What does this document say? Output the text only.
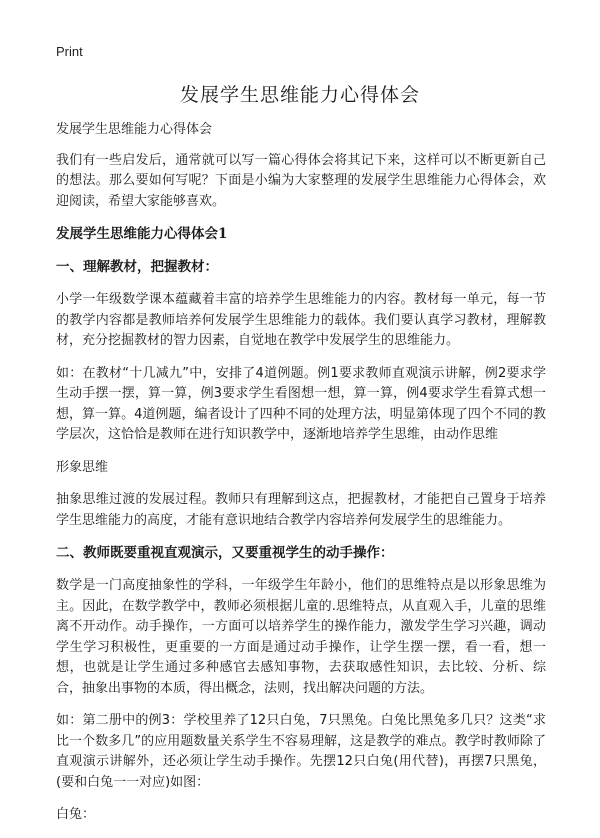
Print
发展学生思维能力心得体会

发展学生思维能力心得体会

我们有一些启发后，通常就可以写一篇心得体会将其记下来，这样可以不断更新自己的想法。那么要如何写呢？下面是小编为大家整理的发展学生思维能力心得体会，欢迎阅读，希望大家能够喜欢。

发展学生思维能力心得体会1
一、理解教材，把握教材：

小学一年级数学课本蕴藏着丰富的培养学生思维能力的内容。教材每一单元，每一节的教学内容都是教师培养何发展学生思维能力的载体。我们要认真学习教材，理解教材，充分挖掘教材的智力因素，自觉地在教学中发展学生的思维能力。

如：在教材“十几减九”中，安排了4道例题。例1要求教师直观演示讲解，例2要求学生动手摆一摆，算一算，例3要求学生看图想一想，算一算，例4要求学生看算式想一想，算一算。4道例题，编者设计了四种不同的处理方法，明显第体现了四个不同的教学层次，这恰恰是教师在进行知识教学中，逐渐地培养学生思维，由动作思维

形象思维

抽象思维过渡的发展过程。教师只有理解到这点，把握教材，才能把自己置身于培养学生思维能力的高度，才能有意识地结合教学内容培养何发展学生的思维能力。

二、教师既要重视直观演示，又要重视学生的动手操作：

数学是一门高度抽象性的学科，一年级学生年龄小，他们的思维特点是以形象思维为主。因此，在数学教学中，教师必须根据儿童的.思维特点，从直观入手，儿童的思维离不开动作。动手操作，一方面可以培养学生的操作能力，激发学生学习兴趣，调动学生学习积极性，更重要的一方面是通过动手操作，让学生摆一摆，看一看，想一想，也就是让学生通过多种感官去感知事物，去获取感性知识，去比较、分析、综合，抽象出事物的本质，得出概念，法则，找出解决问题的方法。

如：第二册中的例3：学校里养了12只白兔，7只黑兔。白兔比黑兔多几只？这类“求比一个数多几”的应用题数量关系学生不容易理解，这是教学的难点。教学时教师除了直观演示讲解外，还必须让学生动手操作。先摆12只白兔(用代替)，再摆7只黑兔，(要和白兔一一对应)如图：

白兔：
